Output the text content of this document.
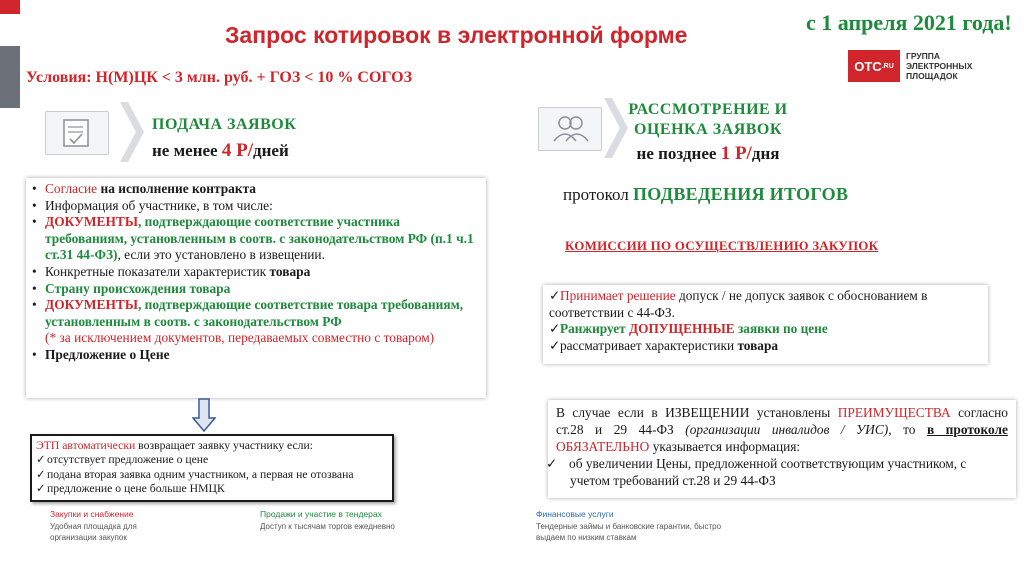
Запрос котировок в электронной форме	с 1 апреля 2021 года!
ОТС .RU
ГРУППА
ЭЛЕКТРОННЫХ
ПЛОЩАДОК
Условия: Н(М)ЦК < 3 млн. руб. + ГОЗ < 10 % СОГОЗ
ПОДАЧА ЗАЯВОК
не менее 4 Р/дней
РАССМОТРЕНИЕ И ОЦЕНКА ЗАЯВОК
не позднее 1 Р/дня
• Согласие на исполнение контракта
• Информация об участнике, в том числе:
• ДОКУМЕНТЫ, подтверждающие соответствие участника требованиям, установленным в соотв. с законодательством РФ (п.1 ч.1 ст.31 44-ФЗ), если это установлено в извещении.
• Конкретные показатели характеристик товара
• Страну происхождения товара
• ДОКУМЕНТЫ, подтверждающие соответствие товара требованиям, установленным в соотв. с законодательством РФ
(* за исключением документов, передаваемых совместно с товаром)
• Предложение о Цене
ЭТП автоматически возвращает заявку участнику если:
✓отсутствует предложение о цене
✓подана вторая заявка одним участником, а первая не отозвана
✓предложение о цене больше НМЦК
протокол ПОДВЕДЕНИЯ ИТОГОВ
КОМИССИИ ПО ОСУЩЕСТВЛЕНИЮ ЗАКУПОК
✓Принимает решение допуск / не допуск заявок с обоснованием в соответствии с 44-ФЗ.
✓Ранжирует ДОПУЩЕННЫЕ заявки по цене
✓рассматривает характеристики товара
В случае если в ИЗВЕЩЕНИИ установлены ПРЕИМУЩЕСТВА согласно ст.28 и 29 44-ФЗ (организации инвалидов / УИС), то в протоколе ОБЯЗАТЕЛЬНО указывается информация:
✓ об увеличении Цены, предложенной соответствующим участником, с учетом требований ст.28 и 29 44-ФЗ
Закупки и снабжение
Удобная площадка для организации закупок
Продажи и участие в тендерах
Доступ к тысячам торгов ежедневно
Финансовые услуги
Тендерные займы и банковские гарантии, быстро выдаем по низким ставкам
